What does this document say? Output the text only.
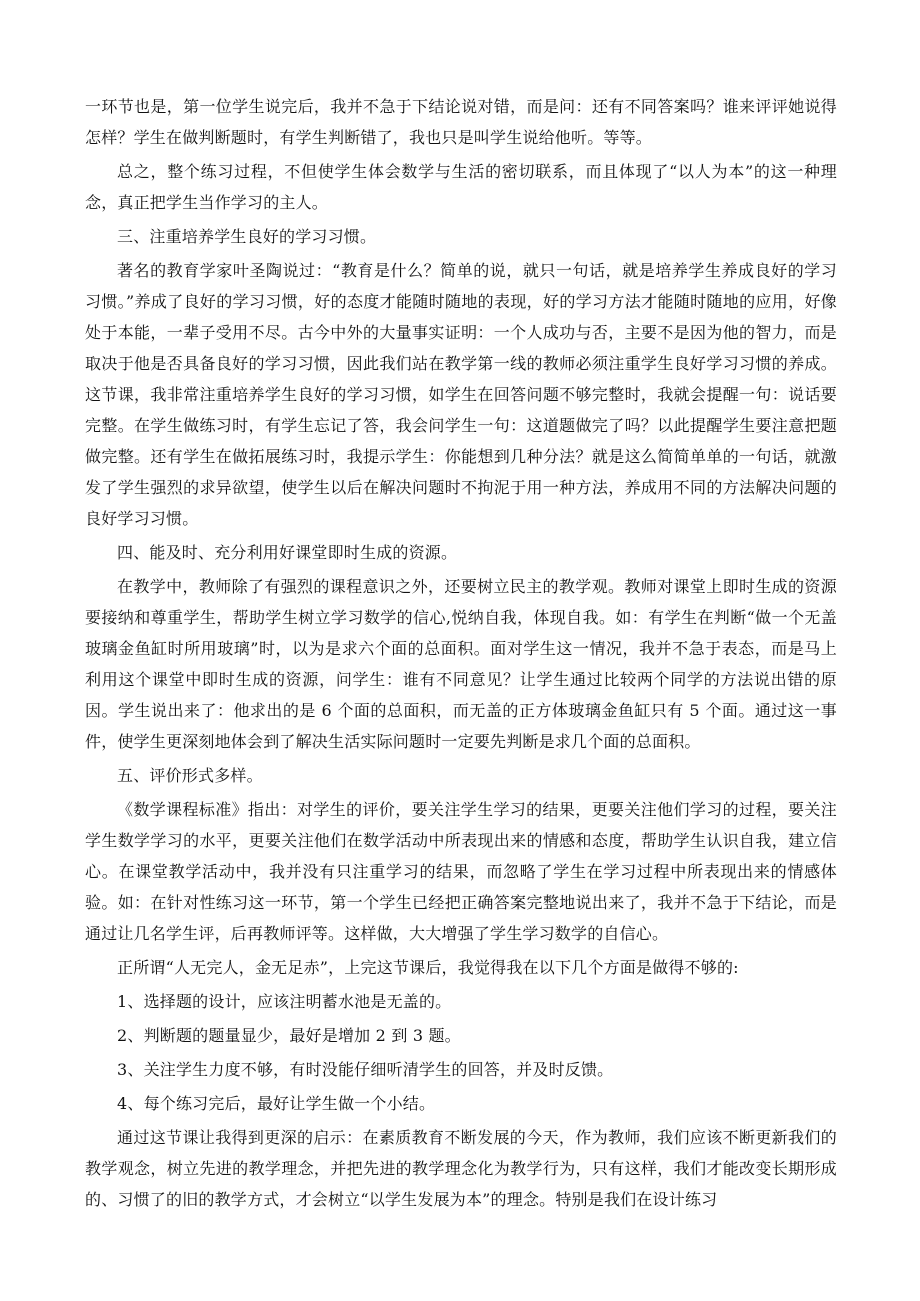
一环节也是，第一位学生说完后，我并不急于下结论说对错，而是问：还有不同答案吗？谁来评评她说得怎样？学生在做判断题时，有学生判断错了，我也只是叫学生说给他听。等等。

总之，整个练习过程，不但使学生体会数学与生活的密切联系，而且体现了“以人为本”的这一种理念，真正把学生当作学习的主人。

三、注重培养学生良好的学习习惯。

著名的教育学家叶圣陶说过：“教育是什么？简单的说，就只一句话，就是培养学生养成良好的学习习惯。”养成了良好的学习习惯，好的态度才能随时随地的表现，好的学习方法才能随时随地的应用，好像处于本能，一辈子受用不尽。古今中外的大量事实证明：一个人成功与否，主要不是因为他的智力，而是取决于他是否具备良好的学习习惯，因此我们站在教学第一线的教师必须注重学生良好学习习惯的养成。这节课，我非常注重培养学生良好的学习习惯，如学生在回答问题不够完整时，我就会提醒一句：说话要完整。在学生做练习时，有学生忘记了答，我会问学生一句：这道题做完了吗？以此提醒学生要注意把题做完整。还有学生在做拓展练习时，我提示学生：你能想到几种分法？就是这么简简单单的一句话，就激发了学生强烈的求异欲望，使学生以后在解决问题时不拘泥于用一种方法，养成用不同的方法解决问题的良好学习习惯。

四、能及时、充分利用好课堂即时生成的资源。

在教学中，教师除了有强烈的课程意识之外，还要树立民主的教学观。教师对课堂上即时生成的资源要接纳和尊重学生，帮助学生树立学习数学的信心,悦纳自我，体现自我。如：有学生在判断“做一个无盖玻璃金鱼缸时所用玻璃”时，以为是求六个面的总面积。面对学生这一情况，我并不急于表态，而是马上利用这个课堂中即时生成的资源，问学生：谁有不同意见？让学生通过比较两个同学的方法说出错的原因。学生说出来了：他求出的是 6 个面的总面积，而无盖的正方体玻璃金鱼缸只有 5 个面。通过这一事件，使学生更深刻地体会到了解决生活实际问题时一定要先判断是求几个面的总面积。

五、评价形式多样。

《数学课程标准》指出：对学生的评价，要关注学生学习的结果，更要关注他们学习的过程，要关注学生数学学习的水平，更要关注他们在数学活动中所表现出来的情感和态度，帮助学生认识自我，建立信心。在课堂教学活动中，我并没有只注重学习的结果，而忽略了学生在学习过程中所表现出来的情感体验。如：在针对性练习这一环节，第一个学生已经把正确答案完整地说出来了，我并不急于下结论，而是通过让几名学生评，后再教师评等。这样做，大大增强了学生学习数学的自信心。

正所谓“人无完人，金无足赤”，上完这节课后，我觉得我在以下几个方面是做得不够的:

1、选择题的设计，应该注明蓄水池是无盖的。

2、判断题的题量显少，最好是增加 2 到 3 题。

3、关注学生力度不够，有时没能仔细听清学生的回答，并及时反馈。

4、每个练习完后，最好让学生做一个小结。

通过这节课让我得到更深的启示：在素质教育不断发展的今天，作为教师，我们应该不断更新我们的教学观念，树立先进的教学理念，并把先进的教学理念化为教学行为，只有这样，我们才能改变长期形成的、习惯了的旧的教学方式，才会树立“以学生发展为本”的理念。特别是我们在设计练习
